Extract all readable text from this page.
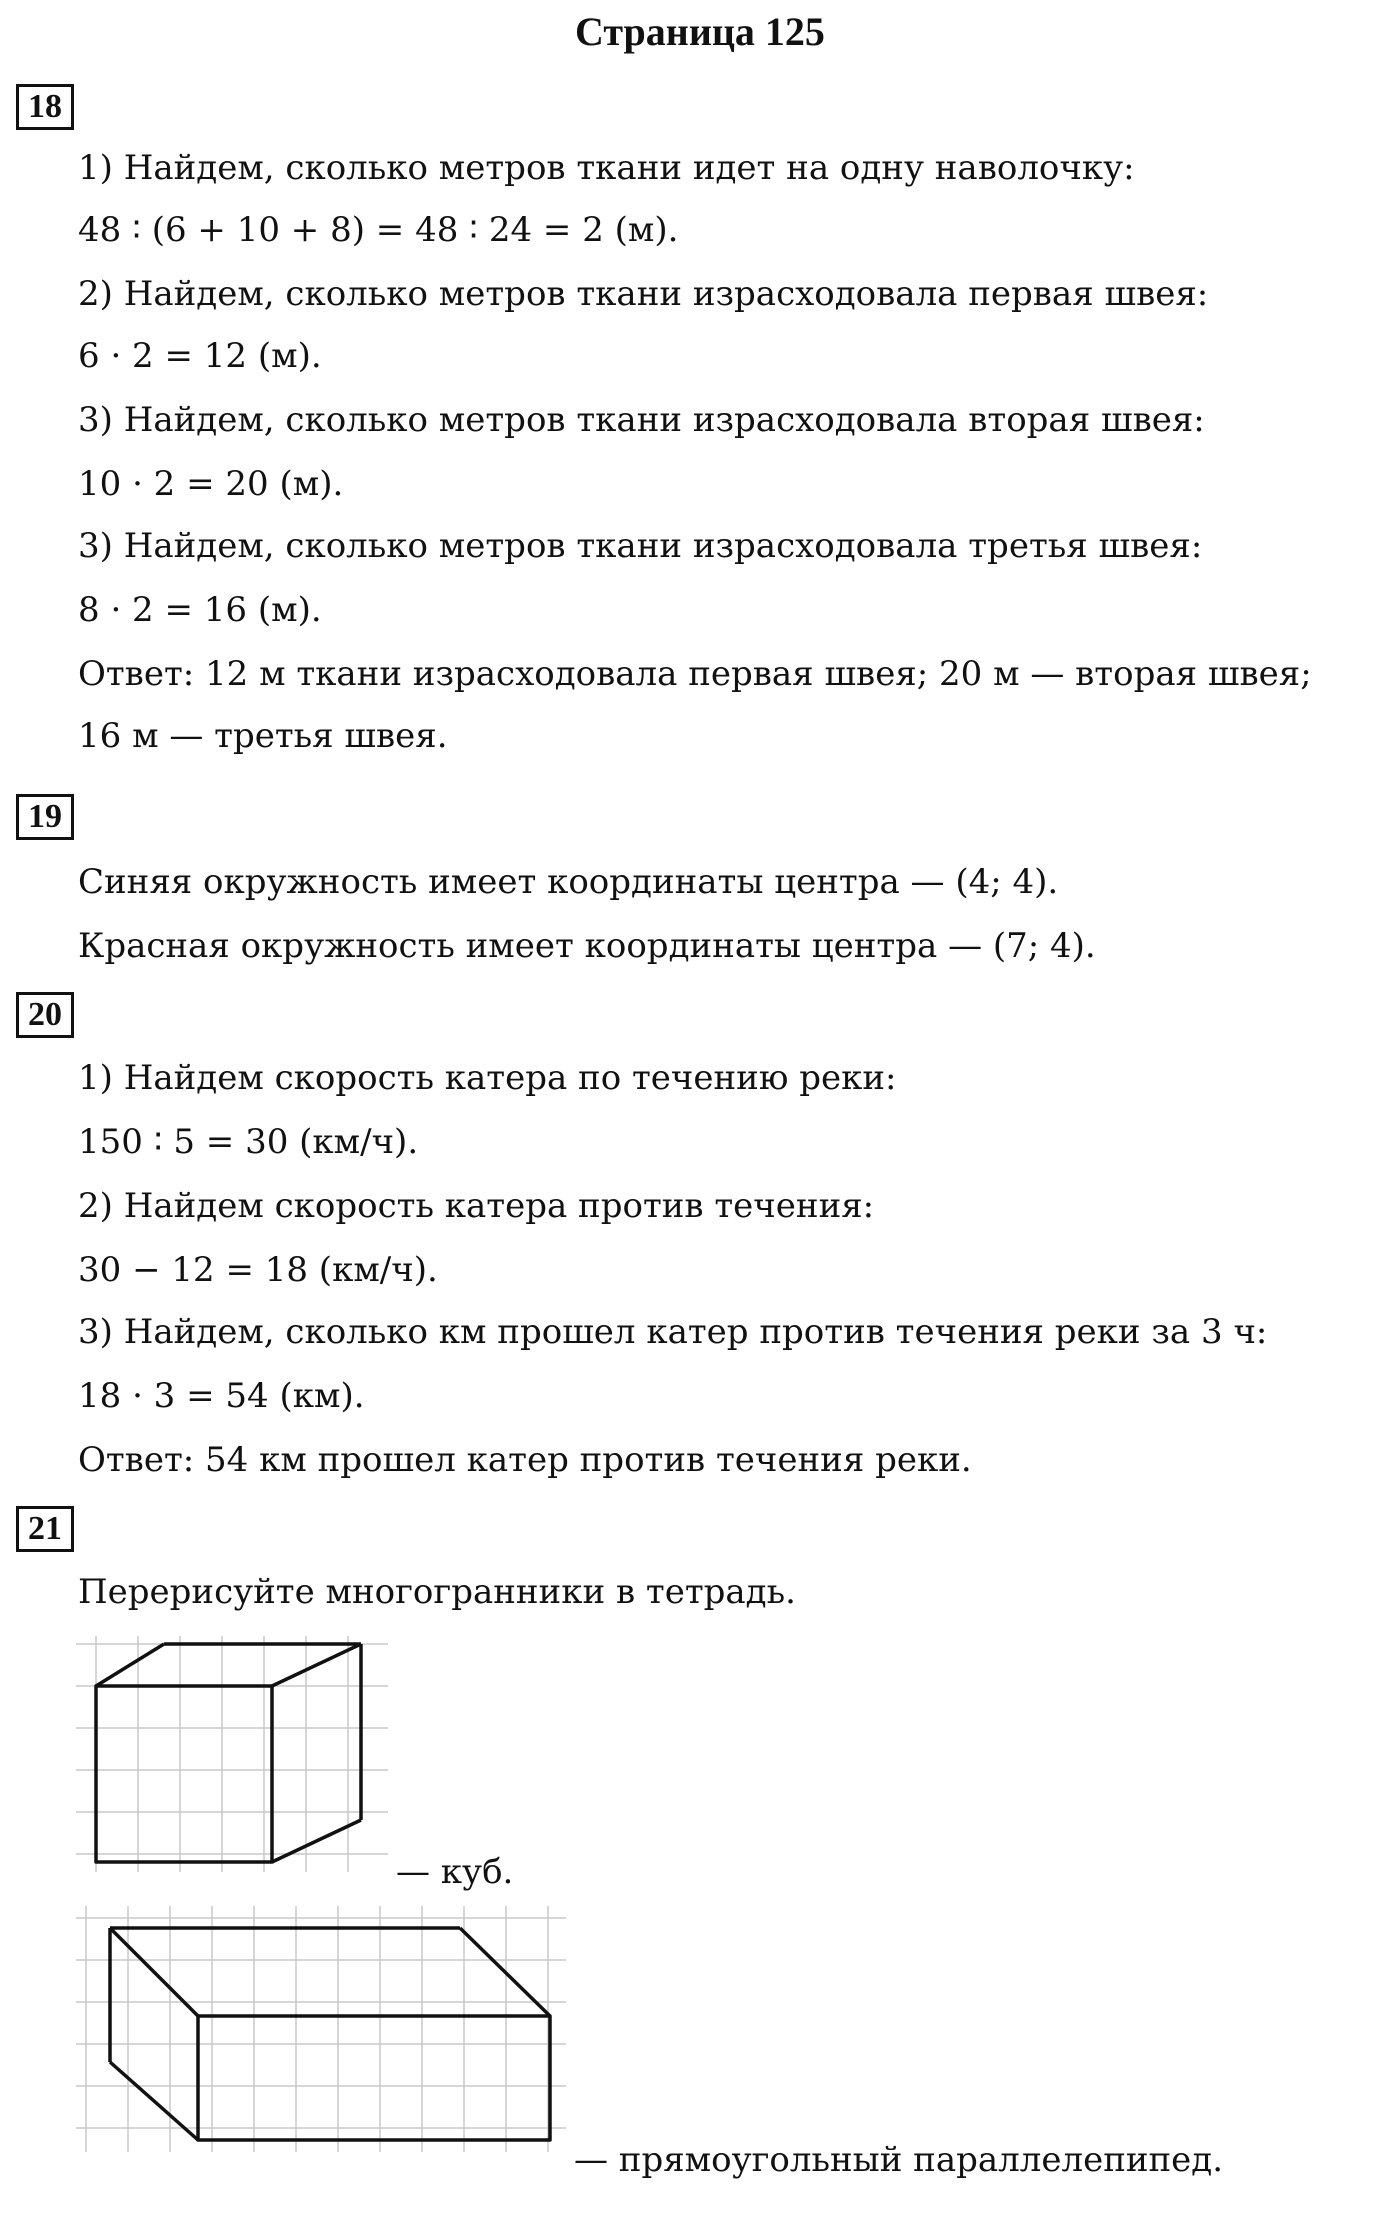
Страница 125
18
1) Найдем, сколько метров ткани идет на одну наволочку:
48 ∶ (6 + 10 + 8) = 48 ∶ 24 = 2 (м).
2) Найдем, сколько метров ткани израсходовала первая швея:
6 · 2 = 12 (м).
3) Найдем, сколько метров ткани израсходовала вторая швея:
10 · 2 = 20 (м).
3) Найдем, сколько метров ткани израсходовала третья швея:
8 · 2 = 16 (м).
Ответ: 12 м ткани израсходовала первая швея; 20 м — вторая швея;
16 м — третья швея.
19
Синяя окружность имеет координаты центра — (4; 4).
Красная окружность имеет координаты центра — (7; 4).
20
1) Найдем скорость катера по течению реки:
150 ∶ 5 = 30 (км/ч).
2) Найдем скорость катера против течения:
30 − 12 = 18 (км/ч).
3) Найдем, сколько км прошел катер против течения реки за 3 ч:
18 · 3 = 54 (км).
Ответ: 54 км прошел катер против течения реки.
21
Перерисуйте многогранники в тетрадь.
— куб.
— прямоугольный параллелепипед.
